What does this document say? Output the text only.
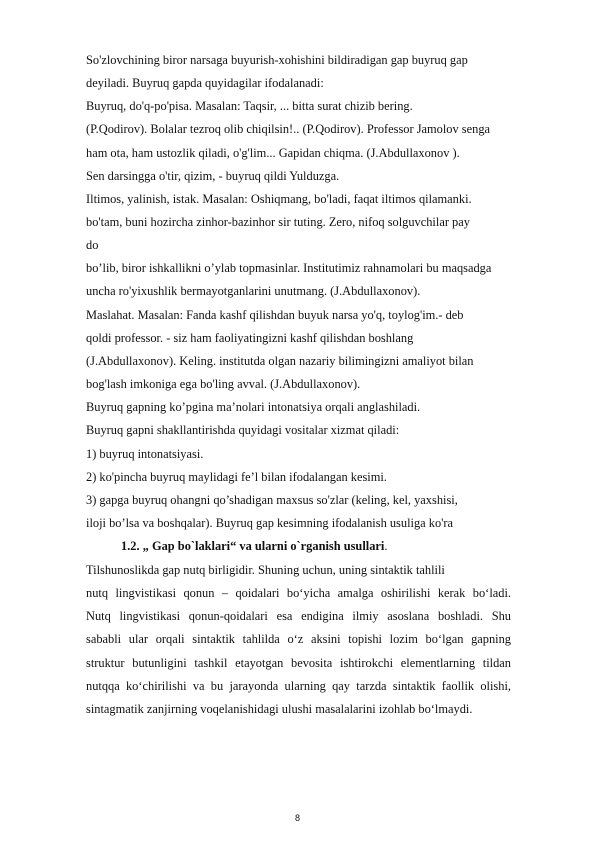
So'zlovchining biror narsaga buyurish-xohishini bildiradigan gap buyruq gap
deyiladi. Buyruq gapda quyidagilar ifodalanadi:
Buyruq, do'q-po'pisa. Masalan: Taqsir, ... bitta surat chizib bering.
(P.Qodirov). Bolalar tezroq olib chiqilsin!.. (P.Qodirov). Professor Jamolov senga
ham ota, ham ustozlik qiladi, o'g'lim... Gapidan chiqma. (J.Abdullaxonov ).
Sen darsingga o'tir, qizim, - buyruq qildi Yulduzga.
Iltimos, yalinish, istak. Masalan: Oshiqmang, bo'ladi, faqat iltimos qilamanki.
bo'tam, buni hozircha zinhor-bazinhor sir tuting. Zero, nifoq solguvchilar pay
do
bo’lib, biror ishkallikni o’ylab topmasinlar. Institutimiz rahnamolari bu maqsadga
uncha ro'yixushlik bermayotganlarini unutmang. (J.Abdullaxonov).
Maslahat. Masalan: Fanda kashf qilishdan buyuk narsa yo'q, toylog'im.- deb
qoldi professor. - siz ham faoliyatingizni kashf qilishdan boshlang
(J.Abdullaxonov). Keling. institutda olgan nazariy bilimingizni amaliyot bilan
bog'lash imkoniga ega bo'ling avval. (J.Abdullaxonov).
Buyruq gapning ko’pgina ma’nolari intonatsiya orqali anglashiladi.
Buyruq gapni shakllantirishda quyidagi vositalar xizmat qiladi:
1) buyruq intonatsiyasi.
2) ko'pincha buyruq maylidagi fe’l bilan ifodalangan kesimi.
3) gapga buyruq ohangni qo’shadigan maxsus so'zlar (keling, kel, yaxshisi,
iloji bo’lsa va boshqalar). Buyruq gap kesimning ifodalanish usuliga ko'ra
1.2. „ Gap bo`laklari“ va ularni o`rganish usullari.
Tilshunoslikda gap nutq birligidir. Shuning uchun, uning sintaktik tahlili
nutq lingvistikasi qonun – qoidalari bo‘yicha amalga oshirilishi kerak bo‘ladi.
Nutq lingvistikasi qonun-qoidalari esa endigina ilmiy asoslana boshladi. Shu
sababli ular orqali sintaktik tahlilda o‘z aksini topishi lozim bo‘lgan gapning
struktur butunligini tashkil etayotgan bevosita ishtirokchi elementlarning tildan
nutqqa ko‘chirilishi va bu jarayonda ularning qay tarzda sintaktik faollik olishi,
sintagmatik zanjirning voqelanishidagi ulushi masalalarini izohlab bo‘lmaydi.
8
